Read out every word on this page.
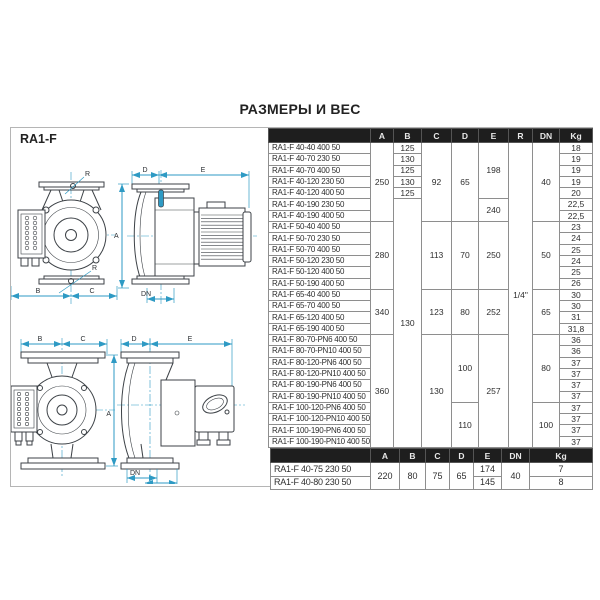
РАЗМЕРЫ И ВЕС
RA1-F
R
R
B	C
D	E
A
DN
B	C
A
D	E
DN
	A	B	C	D	E	R	DN	Kg
RA1-F 40-40 400 50	250	125	92	65	198	1/4"	40	18
RA1-F 40-70 230 50		130						19
RA1-F 40-70 400 50		125						19
RA1-F 40-120 230 50		130						19
RA1-F 40-120 400 50		125						20
RA1-F 40-190 230 50		130			240			22,5
RA1-F 40-190 400 50								22,5
RA1-F 50-40 400 50	280		113	70	250		50	23
RA1-F 50-70 230 50								24
RA1-F 50-70 400 50								25
RA1-F 50-120 230 50								24
RA1-F 50-120 400 50								25
RA1-F 50-190 400 50								26
RA1-F 65-40 400 50	340		123	80	252		65	30
RA1-F 65-70 400 50								30
RA1-F 65-120 400 50								31
RA1-F 65-190 400 50								31,8
RA1-F 80-70-PN6 400 50	360		130	100	257		80	36
RA1-F 80-70-PN10 400 50								36
RA1-F 80-120-PN6 400 50								37
RA1-F 80-120-PN10 400 50								37
RA1-F 80-190-PN6 400 50								37
RA1-F 80-190-PN10 400 50								37
RA1-F 100-120-PN6 400 50				110			100	37
RA1-F 100-120-PN10 400 50								37
RA1-F 100-190-PN6 400 50								37
RA1-F 100-190-PN10 400 50								37
	A	B	C	D	E	DN	Kg
RA1-F 40-75 230 50	220	80	75	65	174	40	7
RA1-F 40-80 230 50					145		8
